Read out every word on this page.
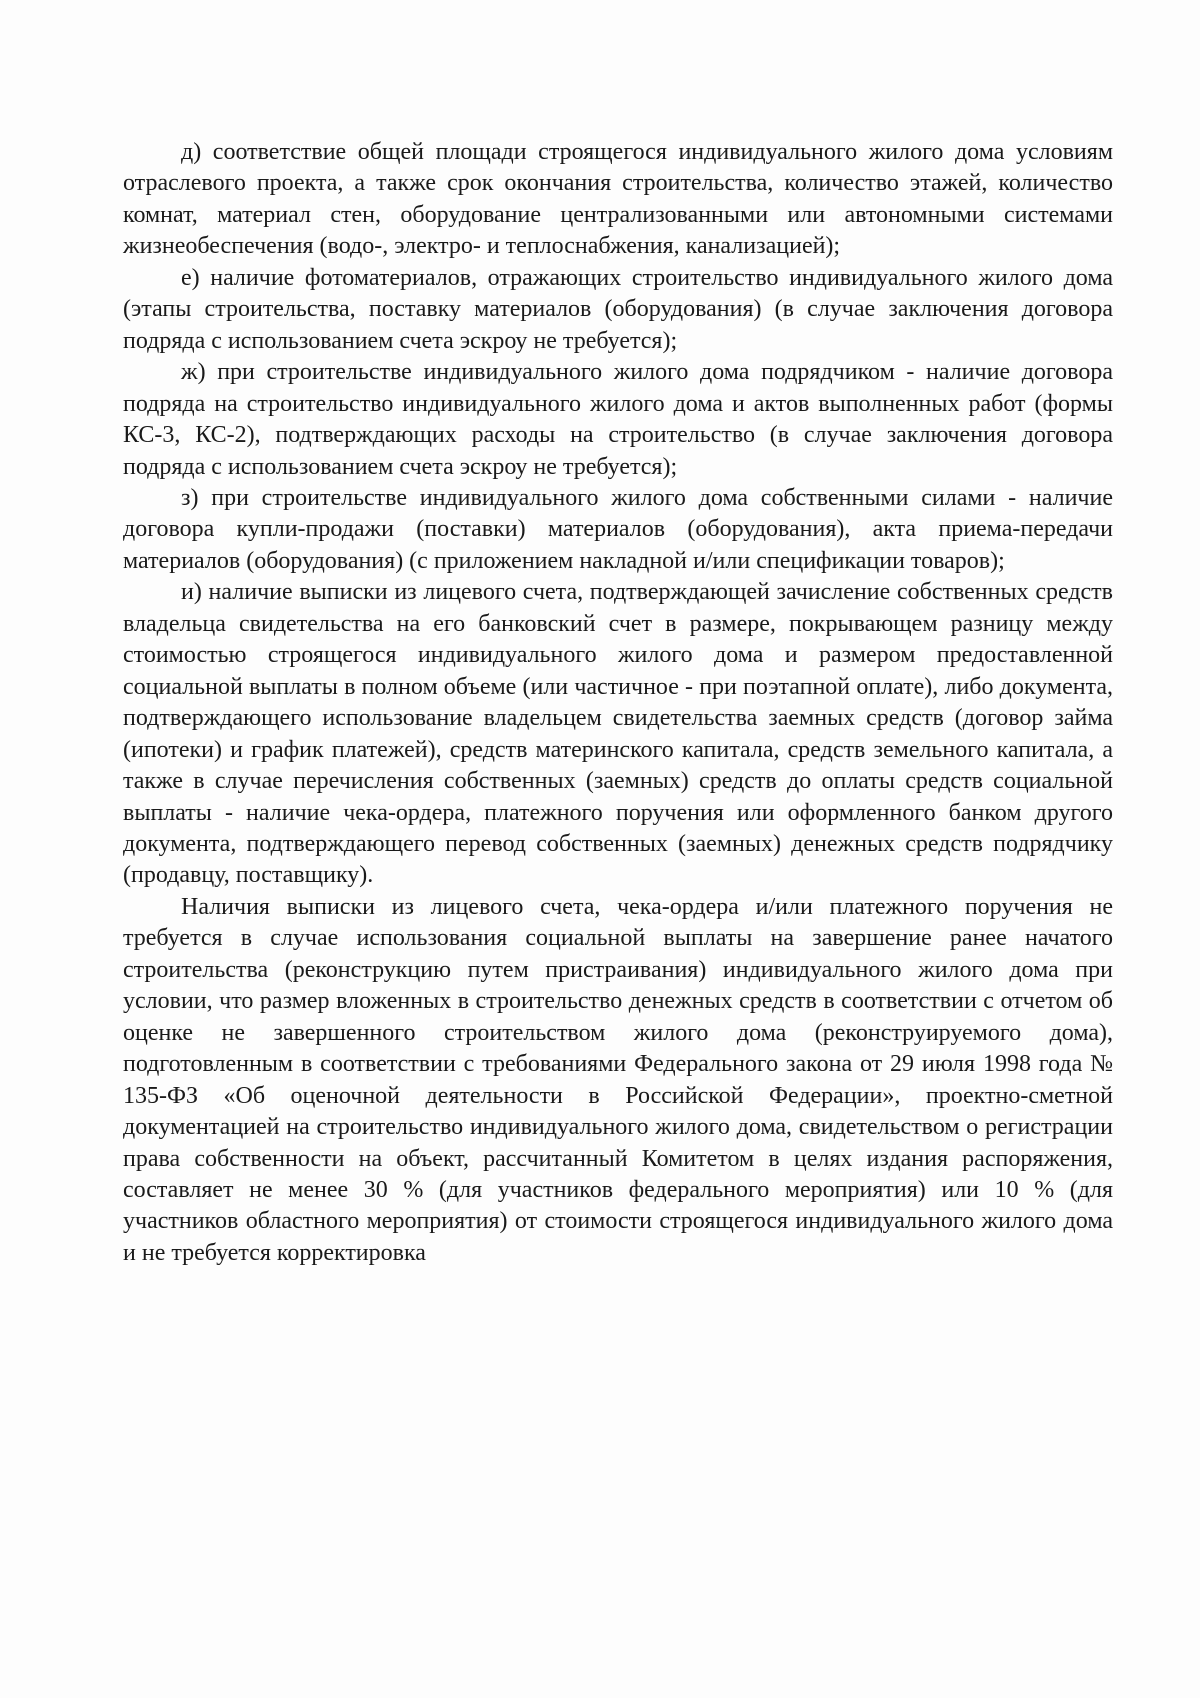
д) соответствие общей площади строящегося индивидуального жилого дома условиям отраслевого проекта, а также срок окончания строительства, количество этажей, количество комнат, материал стен, оборудование централизованными или автономными системами жизнеобеспечения (водо-, электро- и теплоснабжения, канализацией);

е) наличие фотоматериалов, отражающих строительство индивидуального жилого дома (этапы строительства, поставку материалов (оборудования) (в случае заключения договора подряда с использованием счета эскроу не требуется);

ж) при строительстве индивидуального жилого дома подрядчиком - наличие договора подряда на строительство индивидуального жилого дома и актов выполненных работ (формы КС-3, КС-2), подтверждающих расходы на строительство (в случае заключения договора подряда с использованием счета эскроу не требуется);

з) при строительстве индивидуального жилого дома собственными силами - наличие договора купли-продажи (поставки) материалов (оборудования), акта приема-передачи материалов (оборудования) (с приложением накладной и/или спецификации товаров);

и) наличие выписки из лицевого счета, подтверждающей зачисление собственных средств владельца свидетельства на его банковский счет в размере, покрывающем разницу между стоимостью строящегося индивидуального жилого дома и размером предоставленной социальной выплаты в полном объеме (или частичное - при поэтапной оплате), либо документа, подтверждающего использование владельцем свидетельства заемных средств (договор займа (ипотеки) и график платежей), средств материнского капитала, средств земельного капитала, а также в случае перечисления собственных (заемных) средств до оплаты средств социальной выплаты - наличие чека-ордера, платежного поручения или оформленного банком другого документа, подтверждающего перевод собственных (заемных) денежных средств подрядчику (продавцу, поставщику).

Наличия выписки из лицевого счета, чека-ордера и/или платежного поручения не требуется в случае использования социальной выплаты на завершение ранее начатого строительства (реконструкцию путем пристраивания) индивидуального жилого дома при условии, что размер вложенных в строительство денежных средств в соответствии с отчетом об оценке не завершенного строительством жилого дома (реконструируемого дома), подготовленным в соответствии с требованиями Федерального закона от 29 июля 1998 года № 135-ФЗ «Об оценочной деятельности в Российской Федерации», проектно-сметной документацией на строительство индивидуального жилого дома, свидетельством о регистрации права собственности на объект, рассчитанный Комитетом в целях издания распоряжения, составляет не менее 30 % (для участников федерального мероприятия) или 10 % (для участников областного мероприятия) от стоимости строящегося индивидуального жилого дома и не требуется корректировка
